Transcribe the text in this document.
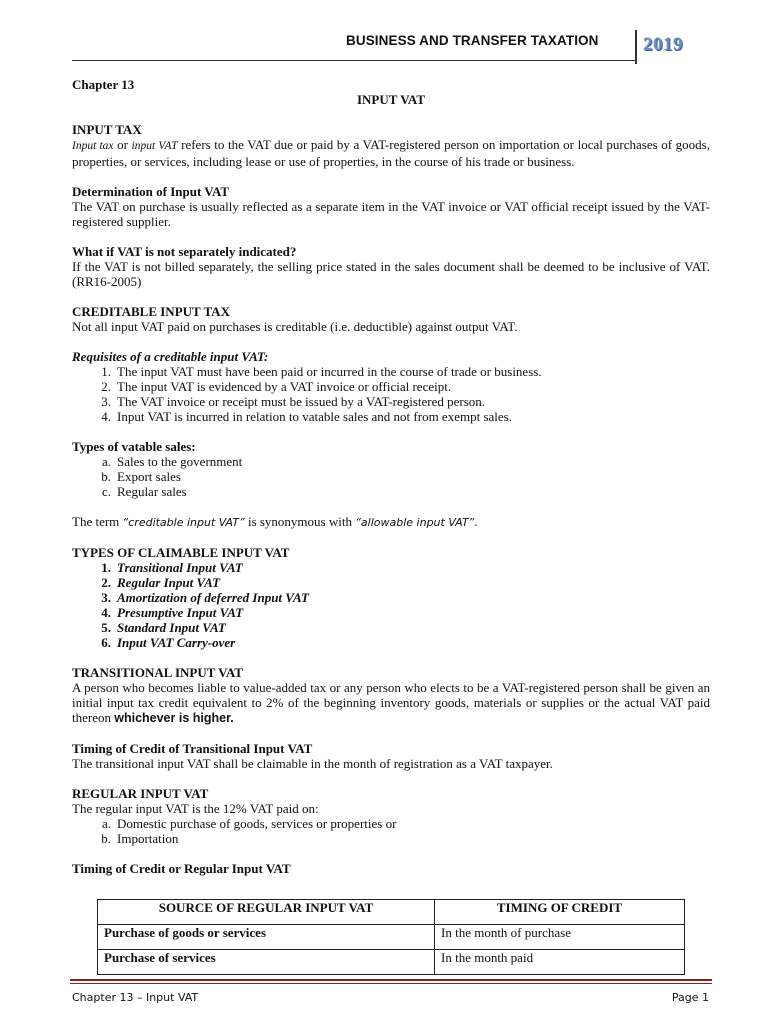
BUSINESS AND TRANSFER TAXATION 2019

Chapter 13

INPUT VAT

INPUT TAX

Input tax or input VAT refers to the VAT due or paid by a VAT-registered person on importation or local purchases of goods, properties, or services, including lease or use of properties, in the course of his trade or business.

Determination of Input VAT

The VAT on purchase is usually reflected as a separate item in the VAT invoice or VAT official receipt issued by the VAT-registered supplier.

What if VAT is not separately indicated?

If the VAT is not billed separately, the selling price stated in the sales document shall be deemed to be inclusive of VAT. (RR16-2005)

CREDITABLE INPUT TAX

Not all input VAT paid on purchases is creditable (i.e. deductible) against output VAT.

Requisites of a creditable input VAT:

1. The input VAT must have been paid or incurred in the course of trade or business.
2. The input VAT is evidenced by a VAT invoice or official receipt.
3. The VAT invoice or receipt must be issued by a VAT-registered person.
4. Input VAT is incurred in relation to vatable sales and not from exempt sales.

Types of vatable sales:

a. Sales to the government
b. Export sales
c. Regular sales

The term “creditable input VAT” is synonymous with “allowable input VAT”.

TYPES OF CLAIMABLE INPUT VAT

1. Transitional Input VAT
2. Regular Input VAT
3. Amortization of deferred Input VAT
4. Presumptive Input VAT
5. Standard Input VAT
6. Input VAT Carry-over

TRANSITIONAL INPUT VAT

A person who becomes liable to value-added tax or any person who elects to be a VAT-registered person shall be given an initial input tax credit equivalent to 2% of the beginning inventory goods, materials or supplies or the actual VAT paid thereon whichever is higher.

Timing of Credit of Transitional Input VAT

The transitional input VAT shall be claimable in the month of registration as a VAT taxpayer.

REGULAR INPUT VAT

The regular input VAT is the 12% VAT paid on:

a. Domestic purchase of goods, services or properties or
b. Importation

Timing of Credit or Regular Input VAT

SOURCE OF REGULAR INPUT VAT	TIMING OF CREDIT
Purchase of goods or services	In the month of purchase
Purchase of services	In the month paid
Chapter 13 – Input VAT	Page 1
